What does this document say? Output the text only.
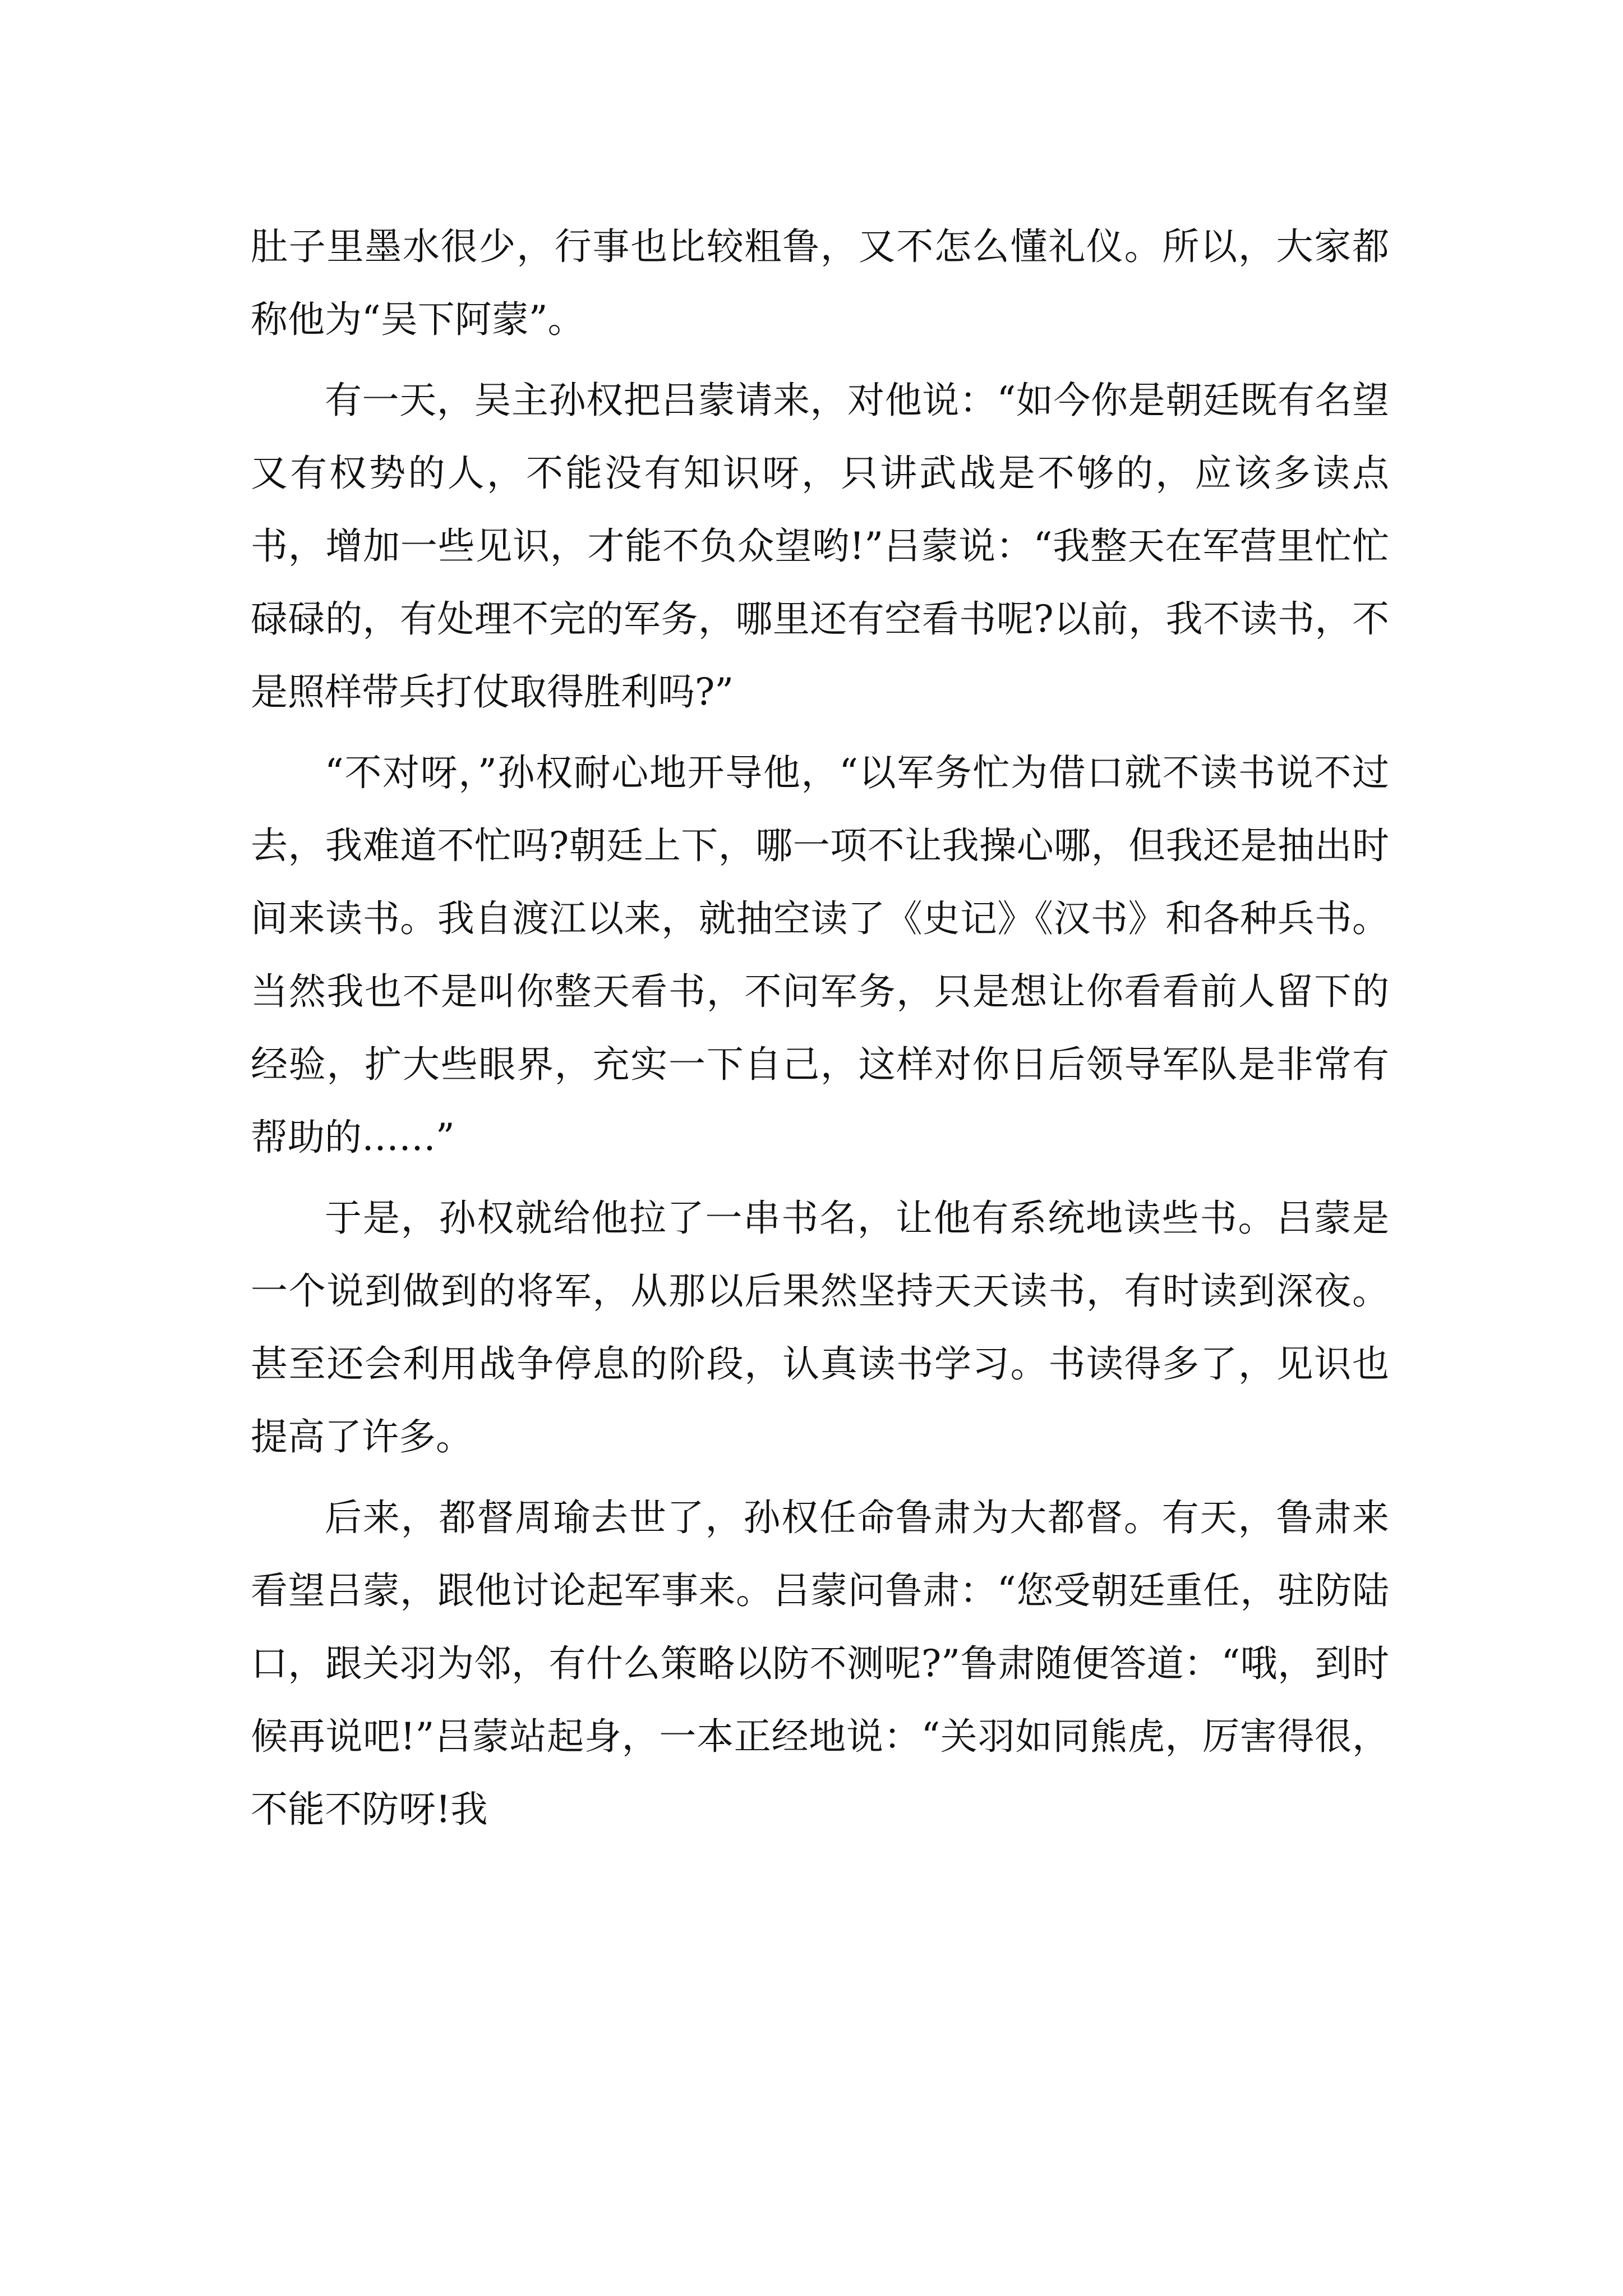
肚子里墨水很少，行事也比较粗鲁，又不怎么懂礼仪。所以，大家都称他为“吴下阿蒙”。

有一天，吴主孙权把吕蒙请来，对他说：“如今你是朝廷既有名望又有权势的人，不能没有知识呀，只讲武战是不够的，应该多读点书，增加一些见识，才能不负众望哟!”吕蒙说：“我整天在军营里忙忙碌碌的，有处理不完的军务，哪里还有空看书呢?以前，我不读书，不是照样带兵打仗取得胜利吗?”

“不对呀，”孙权耐心地开导他，“以军务忙为借口就不读书说不过去，我难道不忙吗?朝廷上下，哪一项不让我操心哪，但我还是抽出时间来读书。我自渡江以来，就抽空读了《史记》《汉书》和各种兵书。当然我也不是叫你整天看书，不问军务，只是想让你看看前人留下的经验，扩大些眼界，充实一下自己，这样对你日后领导军队是非常有帮助的……”

于是，孙权就给他拉了一串书名，让他有系统地读些书。吕蒙是一个说到做到的将军，从那以后果然坚持天天读书，有时读到深夜。甚至还会利用战争停息的阶段，认真读书学习。书读得多了，见识也提高了许多。

后来，都督周瑜去世了，孙权任命鲁肃为大都督。有天，鲁肃来看望吕蒙，跟他讨论起军事来。吕蒙问鲁肃：“您受朝廷重任，驻防陆口，跟关羽为邻，有什么策略以防不测呢?”鲁肃随便答道：“哦，到时候再说吧!”吕蒙站起身，一本正经地说：“关羽如同熊虎，厉害得很，不能不防呀!我
